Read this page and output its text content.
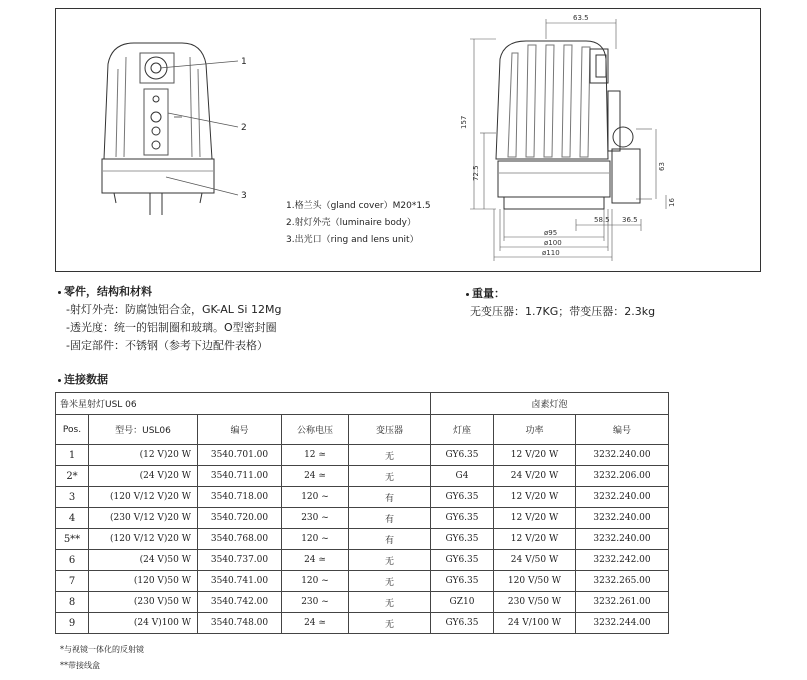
1
2
3
63.5
157
72.5	63
16
58.5 36.5
ø95
ø100
ø110
1.格兰头（gland cover）M20*1.5
2.射灯外壳（luminaire body）
3.出光口（ring and lens unit）
零件，结构和材料
-射灯外壳：防腐蚀铝合金，GK-AL Si 12Mg
-透光度：统一的铝制圈和玻璃。O型密封圈
-固定部件：不锈钢（参考下边配件表格）
重量：
无变压器：1.7KG；带变压器：2.3kg
连接数据
鲁米星射灯USL 06					卤素灯泡		
Pos.	型号：USL06	编号	公称电压	变压器	灯座	功率	编号
1	(12 V)20 W	3540.701.00	12 ≃	无	GY6.35	12 V/20 W	3232.240.00
2*	(24 V)20 W	3540.711.00	24 ≃	无	G4	24 V/20 W	3232.206.00
3	(120 V/12 V)20 W	3540.718.00	120 ~	有	GY6.35	12 V/20 W	3232.240.00
4	(230 V/12 V)20 W	3540.720.00	230 ~	有	GY6.35	12 V/20 W	3232.240.00
5**	(120 V/12 V)20 W	3540.768.00	120 ~	有	GY6.35	12 V/20 W	3232.240.00
6	(24 V)50 W	3540.737.00	24 ≃	无	GY6.35	24 V/50 W	3232.242.00
7	(120 V)50 W	3540.741.00	120 ~	无	GY6.35	120 V/50 W	3232.265.00
8	(230 V)50 W	3540.742.00	230 ~	无	GZ10	230 V/50 W	3232.261.00
9	(24 V)100 W	3540.748.00	24 ≃	无	GY6.35	24 V/100 W	3232.244.00
*与视镜一体化的反射镜
**带接线盒
